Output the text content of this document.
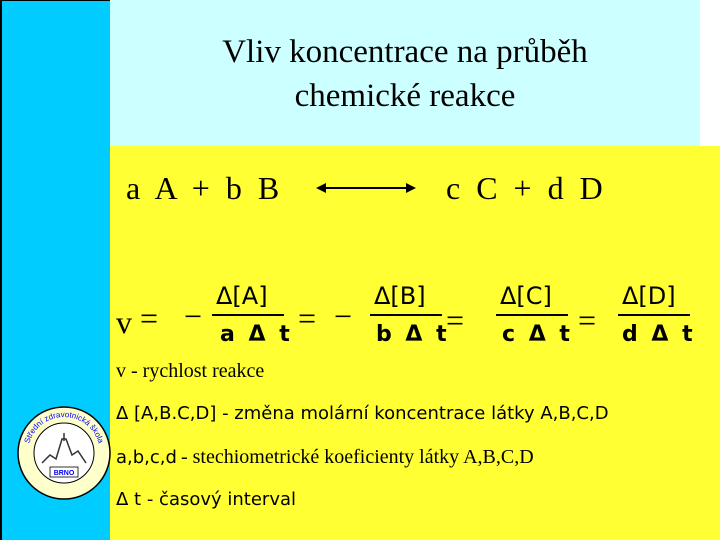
Vliv koncentrace na průběh
chemické reakce
a A + b B	c C + d D
v = −
Δ[A]
a Δ t = −
Δ[B]
b Δ t
=
Δ[C]
c Δ t =
Δ[D]
d Δ t
v - rychlost reakce
Δ [A,B.C,D] - změna molární koncentrace látky A,B,C,D
a,b,c,d - stechiometrické koeficienty látky A,B,C,D
Δ t - časový interval
BRNO
Střední zdravotnická škola
